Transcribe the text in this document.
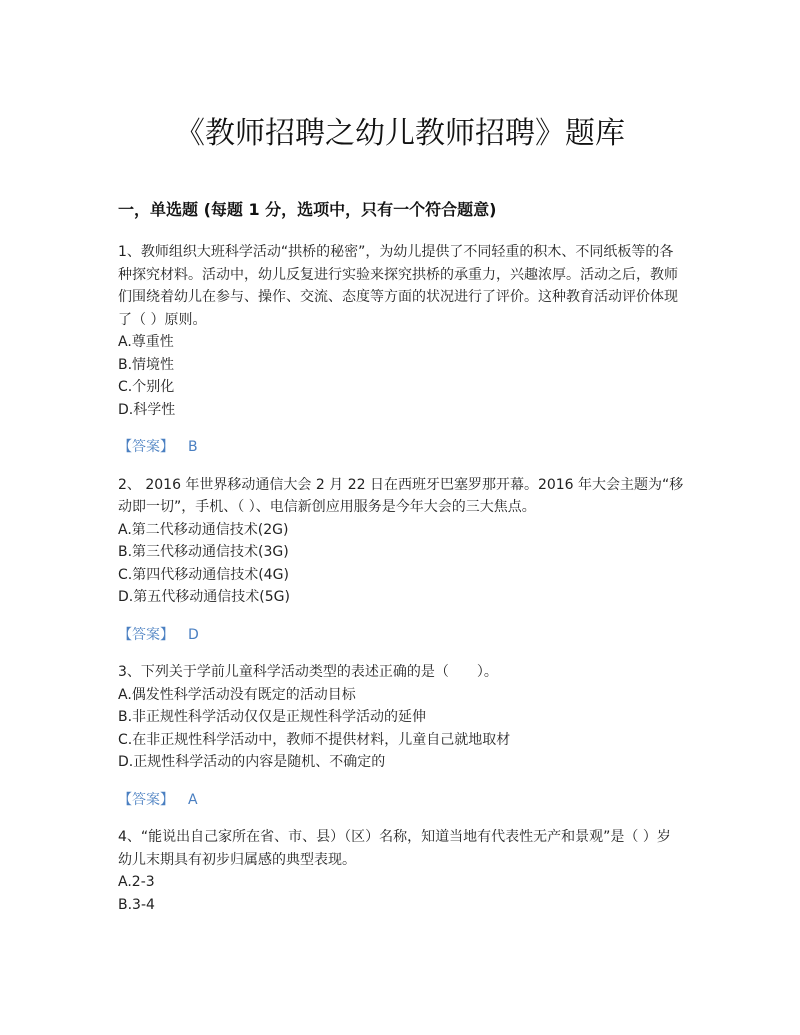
《教师招聘之幼儿教师招聘》题库
一，单选题 (每题 1 分，选项中，只有一个符合题意)

1、教师组织大班科学活动“拱桥的秘密”，为幼儿提供了不同轻重的积木、不同纸板等的各种探究材料。活动中，幼儿反复进行实验来探究拱桥的承重力，兴趣浓厚。活动之后，教师们围绕着幼儿在参与、操作、交流、态度等方面的状况进行了评价。这种教育活动评价体现了（ ）原则。

A.尊重性

B.情境性

C.个别化

D.科学性

【答案】 B

2、 2016 年世界移动通信大会 2 月 22 日在西班牙巴塞罗那开幕。2016 年大会主题为“移动即一切”，手机、（ ）、电信新创应用服务是今年大会的三大焦点。

A.第二代移动通信技术(2G)

B.第三代移动通信技术(3G)

C.第四代移动通信技术(4G)

D.第五代移动通信技术(5G)

【答案】 D

3、下列关于学前儿童科学活动类型的表述正确的是（　　）。

A.偶发性科学活动没有既定的活动目标

B.非正规性科学活动仅仅是正规性科学活动的延伸

C.在非正规性科学活动中，教师不提供材料，儿童自己就地取材

D.正规性科学活动的内容是随机、不确定的

【答案】 A

4、“能说出自己家所在省、市、县）（区）名称，知道当地有代表性无产和景观”是（ ）岁幼儿末期具有初步归属感的典型表现。

A.2-3

B.3-4
